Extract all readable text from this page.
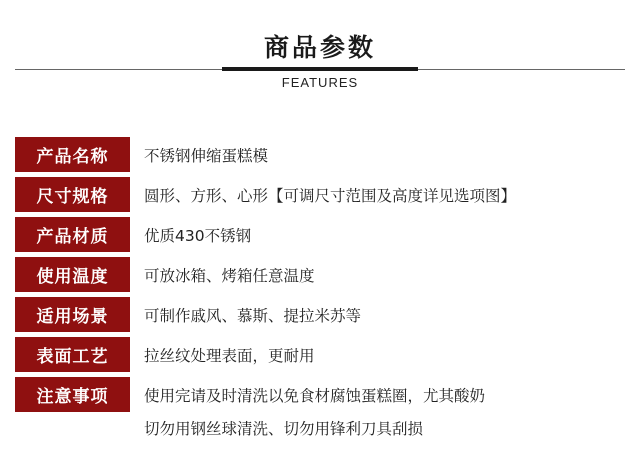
商品参数
FEATURES
产品名称	不锈钢伸缩蛋糕模
尺寸规格	圆形、方形、心形【可调尺寸范围及高度详见选项图】
产品材质	优质430不锈钢
使用温度	可放冰箱、烤箱任意温度
适用场景	可制作戚风、慕斯、提拉米苏等
表面工艺	拉丝纹处理表面，更耐用
注意事项	使用完请及时清洗以免食材腐蚀蛋糕圈，尤其酸奶
切勿用钢丝球清洗、切勿用锋利刀具刮损
